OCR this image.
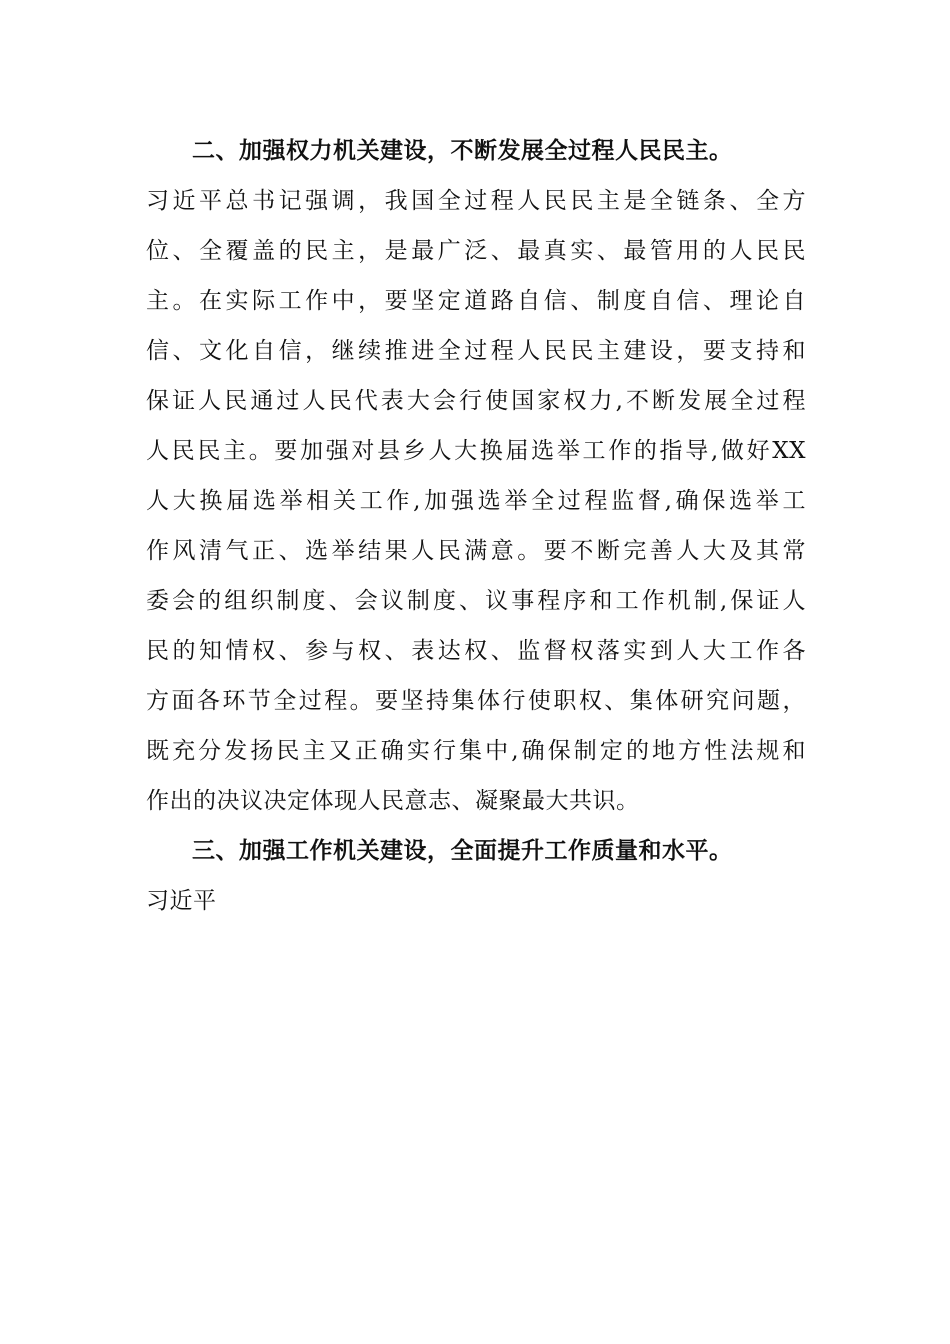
二、加强权力机关建设，不断发展全过程人民民主。
习近平总书记强调，我国全过程人民民主是全链条、全方
位、全覆盖的民主，是最广泛、最真实、最管用的人民民
主。在实际工作中，要坚定道路自信、制度自信、理论自
信、文化自信，继续推进全过程人民民主建设，要支持和
保证人民通过人民代表大会行使国家权力,不断发展全过程
人民民主。要加强对县乡人大换届选举工作的指导,做好XX
人大换届选举相关工作,加强选举全过程监督,确保选举工
作风清气正、选举结果人民满意。要不断完善人大及其常
委会的组织制度、会议制度、议事程序和工作机制,保证人
民的知情权、参与权、表达权、监督权落实到人大工作各
方面各环节全过程。要坚持集体行使职权、集体研究问题，
既充分发扬民主又正确实行集中,确保制定的地方性法规和
作出的决议决定体现人民意志、凝聚最大共识。
三、加强工作机关建设，全面提升工作质量和水平。
习近平
